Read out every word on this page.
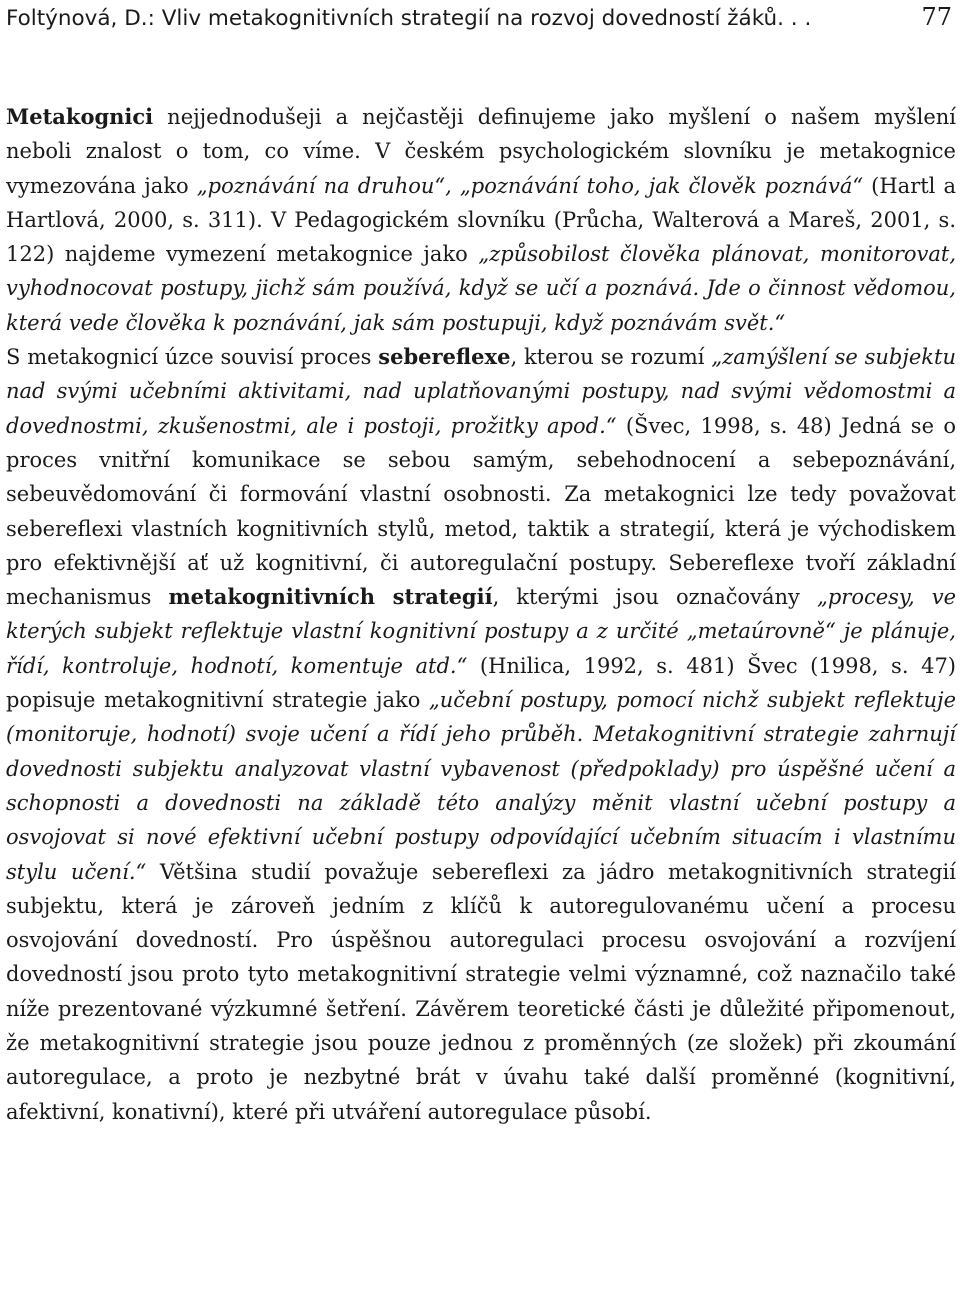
Foltýnová, D.: Vliv metakognitivních strategií na rozvoj dovedností žáků. . .	77

Metakognici nejjednodušeji a nejčastěji definujeme jako myšlení o našem myšlení neboli znalost o tom, co víme. V českém psychologickém slovníku je metakognice vymezována jako „poznávání na druhou“, „poznávání toho, jak člověk poznává“ (Hartl a Hartlová, 2000, s. 311). V Pedagogickém slovníku (Průcha, Walterová a Mareš, 2001, s. 122) najdeme vymezení metakognice jako „způsobilost člověka plánovat, monitorovat, vyhodnocovat postupy, jichž sám používá, když se učí a poznává. Jde o činnost vědomou, která vede člověka k poznávání, jak sám postupuji, když poznávám svět.“

S metakognicí úzce souvisí proces sebereflexe, kterou se rozumí „zamýšlení se subjektu nad svými učebními aktivitami, nad uplatňovanými postupy, nad svými vědomostmi a dovednostmi, zkušenostmi, ale i postoji, prožitky apod.“ (Švec, 1998, s. 48) Jedná se o proces vnitřní komunikace se sebou samým, sebehodnocení a sebepoznávání, sebeuvědomování či formování vlastní osobnosti. Za metakognici lze tedy považovat sebereflexi vlastních kognitivních stylů, metod, taktik a strategií, která je východiskem pro efektivnější ať už kognitivní, či autoregulační postupy. Sebereflexe tvoří základní mechanismus metakognitivních strategií, kterými jsou označovány „procesy, ve kterých subjekt reflektuje vlastní kognitivní postupy a z určité „metaúrovně“ je plánuje, řídí, kontroluje, hodnotí, komentuje atd.“ (Hnilica, 1992, s. 481) Švec (1998, s. 47) popisuje metakognitivní strategie jako „učební postupy, pomocí nichž subjekt reflektuje (monitoruje, hodnotí) svoje učení a řídí jeho průběh. Metakognitivní strategie zahrnují dovednosti subjektu analyzovat vlastní vybavenost (předpoklady) pro úspěšné učení a schopnosti a dovednosti na základě této analýzy měnit vlastní učební postupy a osvojovat si nové efektivní učební postupy odpovídající učebním situacím i vlastnímu stylu učení.“ Většina studií považuje sebereflexi za jádro metakognitivních strategií subjektu, která je zároveň jedním z klíčů k autoregulovanému učení a procesu osvojování dovedností. Pro úspěšnou autoregulaci procesu osvojování a rozvíjení dovedností jsou proto tyto metakognitivní strategie velmi významné, což naznačilo také níže prezentované výzkumné šetření. Závěrem teoretické části je důležité připomenout, že metakognitivní strategie jsou pouze jednou z proměnných (ze složek) při zkoumání autoregulace, a proto je nezbytné brát v úvahu také další proměnné (kognitivní, afektivní, konativní), které při utváření autoregulace působí.
